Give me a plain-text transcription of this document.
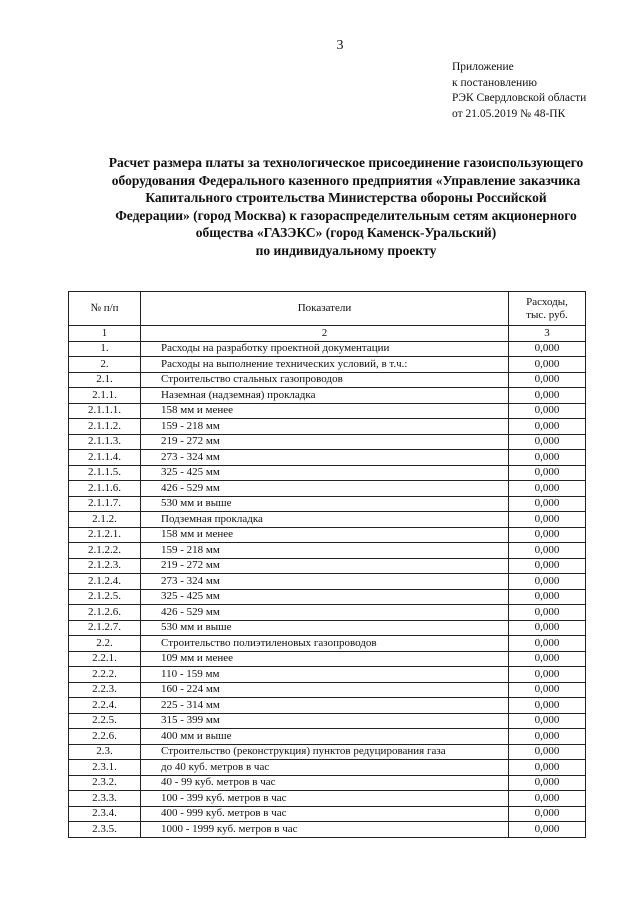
3
Приложение
к постановлению
РЭК Свердловской области
от 21.05.2019 № 48-ПК
Расчет размера платы за технологическое присоединение газоиспользующего
оборудования Федерального казенного предприятия «Управление заказчика
Капитального строительства Министерства обороны Российской
Федерации» (город Москва) к газораспределительным сетям акционерного
общества «ГАЗЭКС» (город Каменск-Уральский)
по индивидуальному проекту
№ п/п	Показатели	Расходы,
тыс. руб.
1	2	3
1.	Расходы на разработку проектной документации	0,000
2.	Расходы на выполнение технических условий, в т.ч.:	0,000
2.1.	Строительство стальных газопроводов	0,000
2.1.1.	Наземная (надземная) прокладка	0,000
2.1.1.1.	158 мм и менее	0,000
2.1.1.2.	159 - 218 мм	0,000
2.1.1.3.	219 - 272 мм	0,000
2.1.1.4.	273 - 324 мм	0,000
2.1.1.5.	325 - 425 мм	0,000
2.1.1.6.	426 - 529 мм	0,000
2.1.1.7.	530 мм и выше	0,000
2.1.2.	Подземная прокладка	0,000
2.1.2.1.	158 мм и менее	0,000
2.1.2.2.	159 - 218 мм	0,000
2.1.2.3.	219 - 272 мм	0,000
2.1.2.4.	273 - 324 мм	0,000
2.1.2.5.	325 - 425 мм	0,000
2.1.2.6.	426 - 529 мм	0,000
2.1.2.7.	530 мм и выше	0,000
2.2.	Строительство полиэтиленовых газопроводов	0,000
2.2.1.	109 мм и менее	0,000
2.2.2.	110 - 159 мм	0,000
2.2.3.	160 - 224 мм	0,000
2.2.4.	225 - 314 мм	0,000
2.2.5.	315 - 399 мм	0,000
2.2.6.	400 мм и выше	0,000
2.3.	Строительство (реконструкция) пунктов редуцирования газа	0,000
2.3.1.	до 40 куб. метров в час	0,000
2.3.2.	40 - 99 куб. метров в час	0,000
2.3.3.	100 - 399 куб. метров в час	0,000
2.3.4.	400 - 999 куб. метров в час	0,000
2.3.5.	1000 - 1999 куб. метров в час	0,000
